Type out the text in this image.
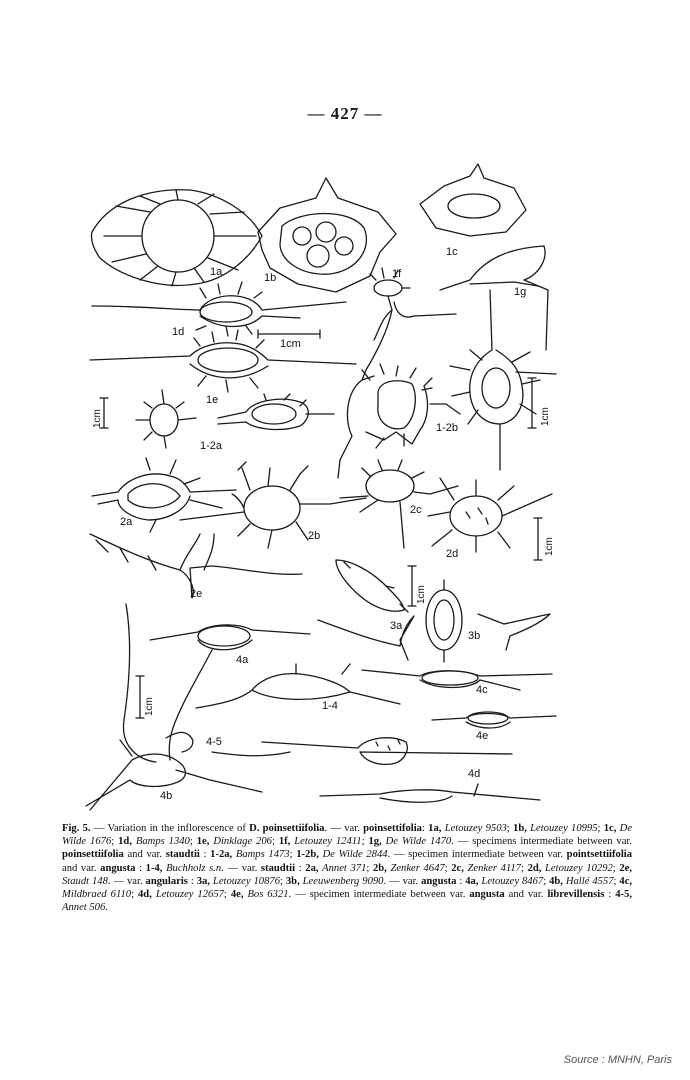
— 427 —
1a	1b
1c
1f
1g
1d
1cm
1e
1-2a
1-2b
1cm	1cm
2a
2b
2c
2d	1cm
2e	1cm
3a
3b
4a
1cm
4c
1-4
4e
4-5
4d
4b
Fig. 5. — Variation in the inflorescence of D. poinsettiifolia. — var. poinsettifolia: 1a, Letouzey 9503; 1b, Letouzey 10995; 1c, De Wilde 1676; 1d, Bamps 1340; 1e, Dinklage 206; 1f, Letouzey 12411; 1g, De Wilde 1470. — specimens intermediate between var. poinsettiifolia and var. staudtii : 1-2a, Bamps 1473; 1-2b, De Wilde 2844. — specimen intermediate between var. pointsettiifolia and var. angusta : 1-4, Buchholz s.n. — var. staudtii : 2a, Annet 371; 2b, Zenker 4647; 2c, Zenker 4117; 2d, Letouzey 10292; 2e, Staudt 148. — var. angularis : 3a, Letouzey 10876; 3b, Leeuwenberg 9090. — var. angusta : 4a, Letouzey 8467; 4b, Hallé 4557; 4c, Mildbraed 6110; 4d, Letouzey 12657; 4e, Bos 6321. — specimen intermediate between var. angusta and var. librevillensis : 4-5, Annet 506.
Source : MNHN, Paris
